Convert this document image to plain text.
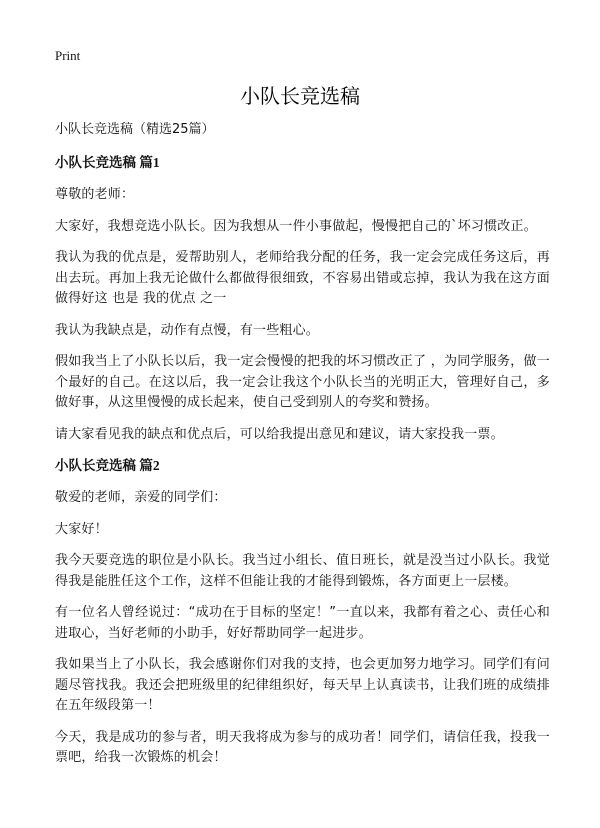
Print
小队长竞选稿

小队长竞选稿（精选25篇）

小队长竞选稿 篇1

尊敬的老师：

大家好，我想竞选小队长。因为我想从一件小事做起，慢慢把自己的`坏习惯改正。

我认为我的优点是，爱帮助别人，老师给我分配的任务，我一定会完成任务这后，再出去玩。再加上我无论做什么都做得很细致，不容易出错或忘掉，我认为我在这方面做得好这 也是 我的优点 之一

我认为我缺点是，动作有点慢，有一些粗心。

假如我当上了小队长以后，我一定会慢慢的把我的坏习惯改正了 ，为同学服务，做一个最好的自己。在这以后，我一定会让我这个小队长当的光明正大，管理好自己，多做好事，从这里慢慢的成长起来，使自己受到别人的夸奖和赞扬。

请大家看见我的缺点和优点后，可以给我提出意见和建议，请大家投我一票。

小队长竞选稿 篇2

敬爱的老师，亲爱的同学们：

大家好！

我今天要竞选的职位是小队长。我当过小组长、值日班长，就是没当过小队长。我觉得我是能胜任这个工作，这样不但能让我的才能得到锻炼，各方面更上一层楼。

有一位名人曾经说过：“成功在于目标的坚定！”一直以来，我都有着之心、责任心和进取心，当好老师的小助手，好好帮助同学一起进步。

我如果当上了小队长，我会感谢你们对我的支持，也会更加努力地学习。同学们有问题尽管找我。我还会把班级里的纪律组织好，每天早上认真读书，让我们班的成绩排在五年级段第一！

今天，我是成功的参与者，明天我将成为参与的成功者！同学们，请信任我，投我一票吧，给我一次锻炼的机会！
